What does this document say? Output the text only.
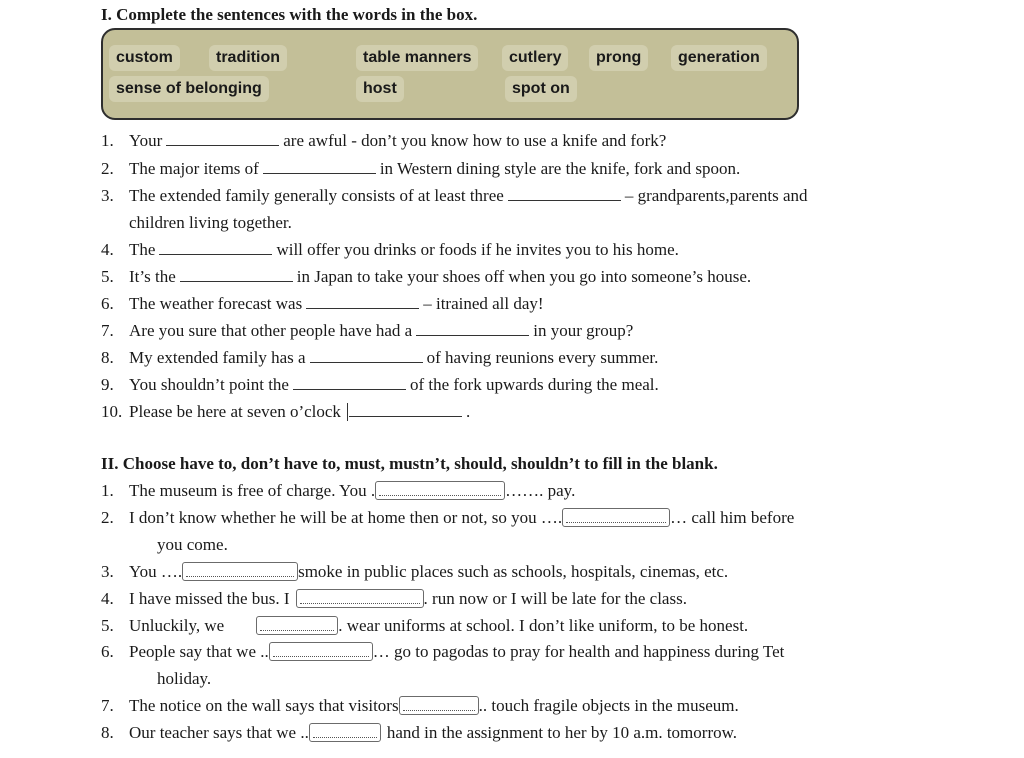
I. Complete the sentences with the words in the box.
custom	tradition	table manners	cutlery	prong	generation
sense of belonging	host	spot on
1. Your	are awful - don’t you know how to use a knife and fork?
2. The major items of	in Western dining style are the knife, fork and spoon.
3. The extended family generally consists of at least three	– grandparents,parents and
children living together.
4. The	will offer you drinks or foods if he invites you to his home.
5. It’s the	in Japan to take your shoes off when you go into someone’s house.
6. The weather forecast was	– itrained all day!
7. Are you sure that other people have had a	in your group?
8. My extended family has a	of having reunions every summer.
9. You shouldn’t point the	of the fork upwards during the meal.
10. Please be here at seven o’clock	.
II. Choose have to, don’t have to, must, mustn’t, should, shouldn’t to fill in the blank.
1. The museum is free of charge. You .	……. pay.
2. I don’t know whether he will be at home then or not, so you ….	… call him before
you come.
3. You ….	smoke in public places such as schools, hospitals, cinemas, etc.
4. I have missed the bus. I	. run now or I will be late for the class.
5. Unluckily, we	. wear uniforms at school. I don’t like uniform, to be honest.
6. People say that we ..	… go to pagodas to pray for health and happiness during Tet
holiday.
7. The notice on the wall says that visitors	.. touch fragile objects in the museum.
8. Our teacher says that we ..	hand in the assignment to her by 10 a.m. tomorrow.
